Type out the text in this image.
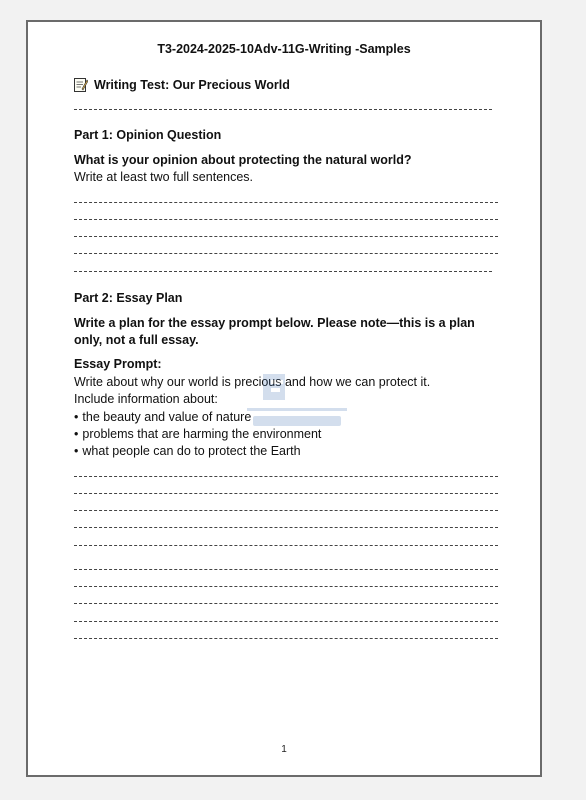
T3-2024-2025-10Adv-11G-Writing -Samples
Writing Test: Our Precious World
Part 1: Opinion Question
What is your opinion about protecting the natural world?
Write at least two full sentences.
Part 2: Essay Plan
Write a plan for the essay prompt below. Please note—this is a plan only, not a full essay.
Essay Prompt:
Write about why our world is precious and how we can protect it.
Include information about:
• the beauty and value of nature
• problems that are harming the environment
• what people can do to protect the Earth
1
